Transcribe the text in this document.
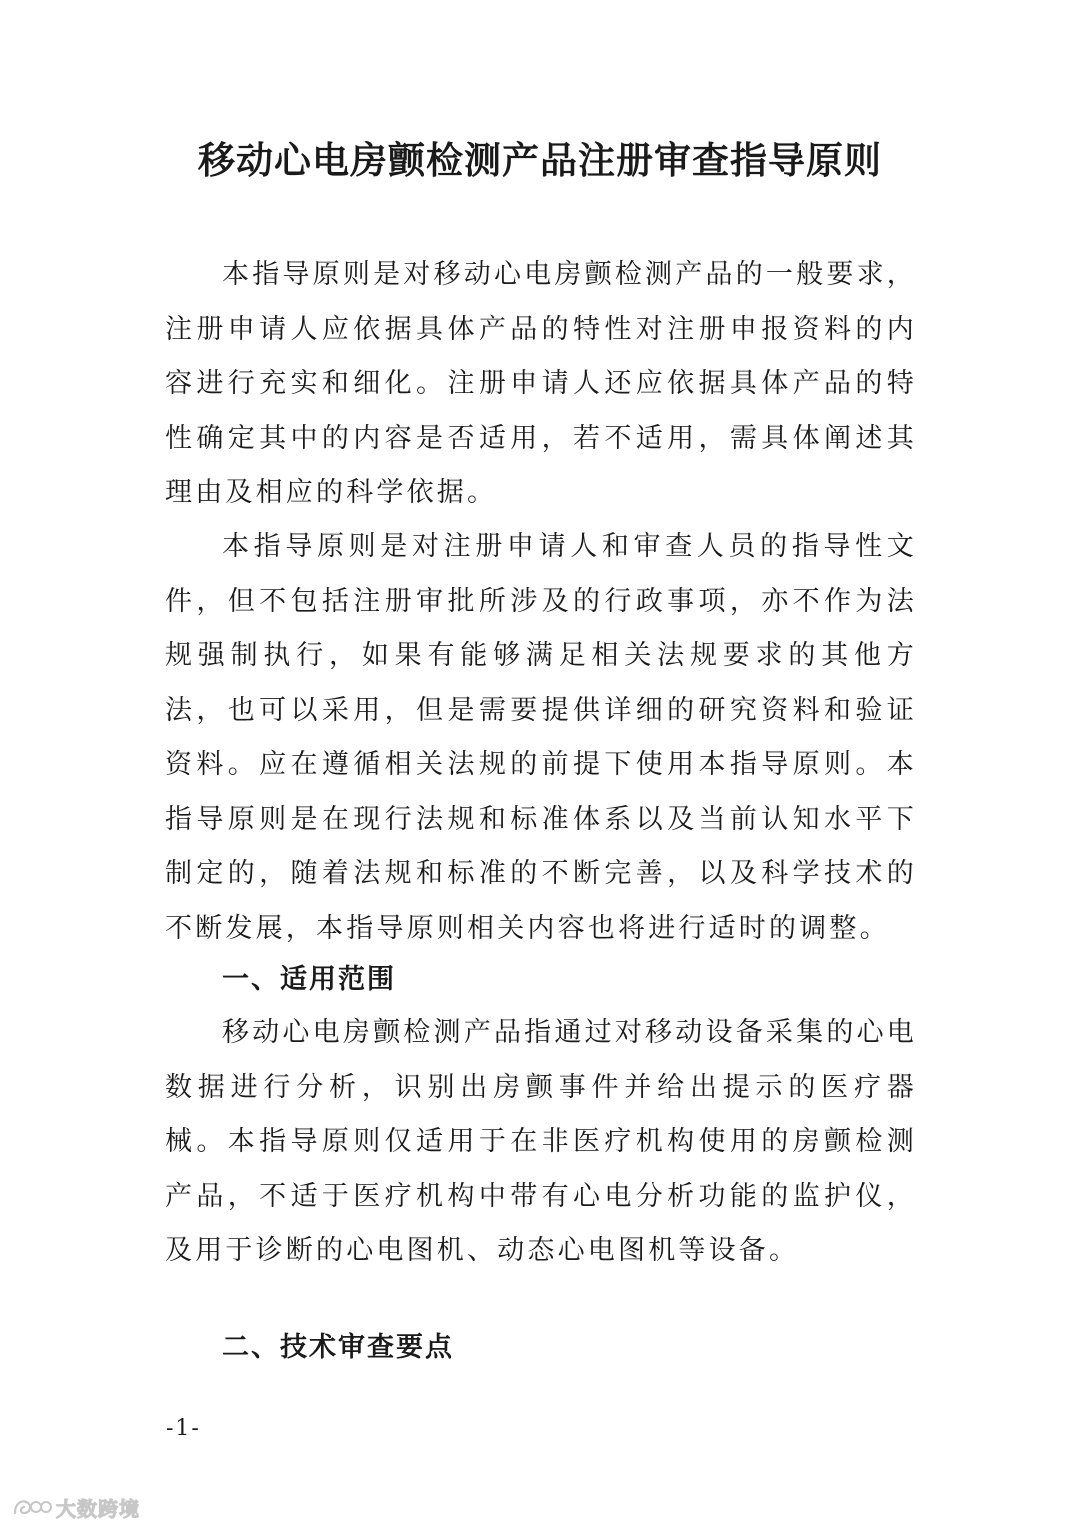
移动心电房颤检测产品注册审查指导原则

本指导原则是对移动心电房颤检测产品的一般要求，注册申请人应依据具体产品的特性对注册申报资料的内容进行充实和细化。注册申请人还应依据具体产品的特性确定其中的内容是否适用，若不适用，需具体阐述其理由及相应的科学依据。

本指导原则是对注册申请人和审查人员的指导性文件，但不包括注册审批所涉及的行政事项，亦不作为法规强制执行，如果有能够满足相关法规要求的其他方法，也可以采用，但是需要提供详细的研究资料和验证资料。应在遵循相关法规的前提下使用本指导原则。本指导原则是在现行法规和标准体系以及当前认知水平下制定的，随着法规和标准的不断完善，以及科学技术的不断发展，本指导原则相关内容也将进行适时的调整。

一、适用范围

移动心电房颤检测产品指通过对移动设备采集的心电数据进行分析，识别出房颤事件并给出提示的医疗器械。本指导原则仅适用于在非医疗机构使用的房颤检测产品，不适于医疗机构中带有心电分析功能的监护仪，及用于诊断的心电图机、动态心电图机等设备。

二、技术审查要点
-1-
大数跨境
